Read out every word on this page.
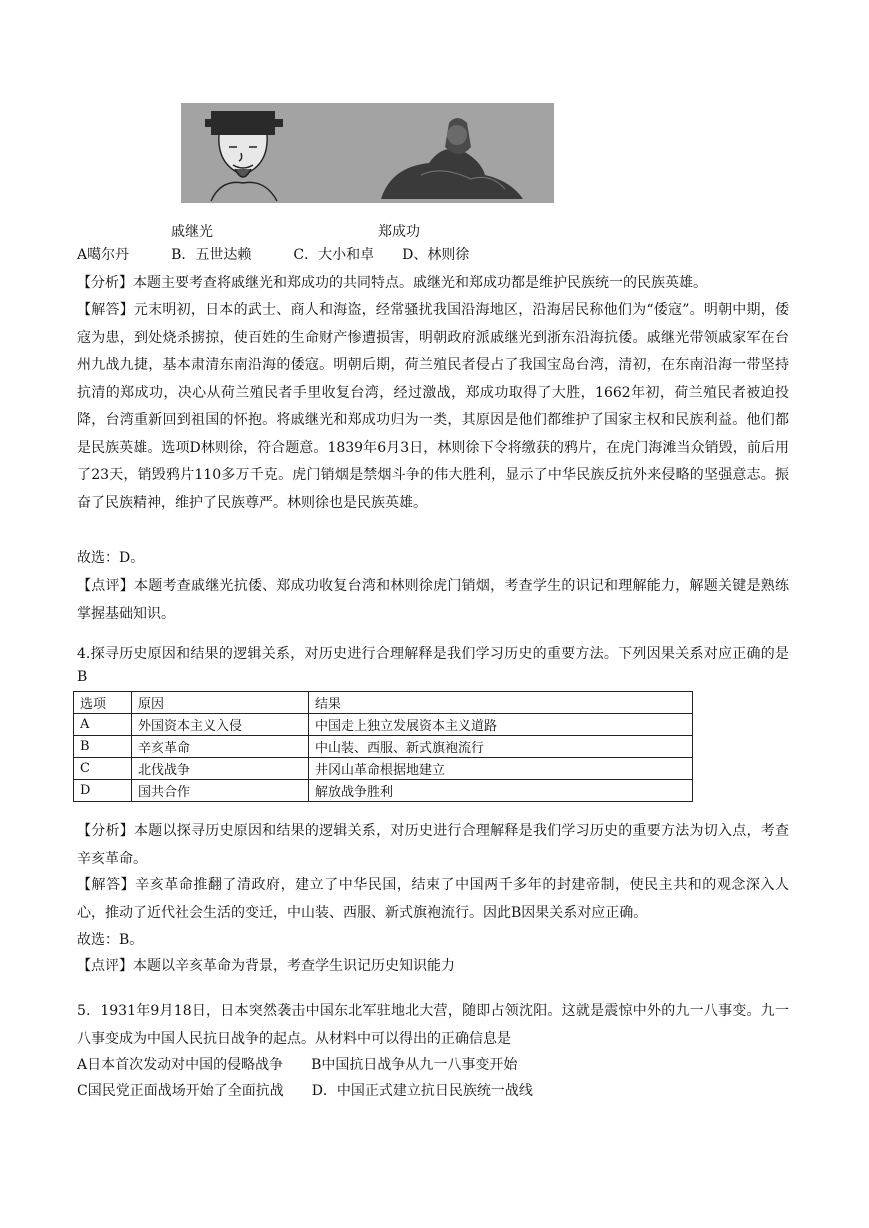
戚继光	郑成功
A噶尔丹　　　B．五世达赖　　　C．大小和卓　　D、林则徐
【分析】本题主要考查将戚继光和郑成功的共同特点。戚继光和郑成功都是维护民族统一的民族英雄。
【解答】元末明初，日本的武士、商人和海盗，经常骚扰我国沿海地区，沿海居民称他们为“倭寇”。明朝中期，倭寇为患，到处烧杀掳掠，使百姓的生命财产惨遭损害，明朝政府派戚继光到浙东沿海抗倭。戚继光带领戚家军在台州九战九捷，基本肃清东南沿海的倭寇。明朝后期，荷兰殖民者侵占了我国宝岛台湾，清初，在东南沿海一带坚持抗清的郑成功，决心从荷兰殖民者手里收复台湾，经过激战，郑成功取得了大胜，1662年初，荷兰殖民者被迫投降，台湾重新回到祖国的怀抱。将戚继光和郑成功归为一类，其原因是他们都维护了国家主权和民族利益。他们都是民族英雄。选项D林则徐，符合题意。1839年6月3日，林则徐下令将缴获的鸦片，在虎门海滩当众销毁，前后用了23天，销毁鸦片110多万千克。虎门销烟是禁烟斗争的伟大胜利，显示了中华民族反抗外来侵略的坚强意志。振奋了民族精神，维护了民族尊严。林则徐也是民族英雄。
故选：D。
【点评】本题考查戚继光抗倭、郑成功收复台湾和林则徐虎门销烟，考查学生的识记和理解能力，解题关键是熟练掌握基础知识。
4.探寻历史原因和结果的逻辑关系，对历史进行合理解释是我们学习历史的重要方法。下列因果关系对应正确的是　B
选项	原因	结果
A	外国资本主义入侵	中国走上独立发展资本主义道路
B	辛亥革命	中山装、西服、新式旗袍流行
C	北伐战争	井冈山革命根据地建立
D	国共合作	解放战争胜利
【分析】本题以探寻历史原因和结果的逻辑关系，对历史进行合理解释是我们学习历史的重要方法为切入点，考查辛亥革命。
【解答】辛亥革命推翻了清政府，建立了中华民国，结束了中国两千多年的封建帝制，使民主共和的观念深入人心，推动了近代社会生活的变迁，中山装、西服、新式旗袍流行。因此B因果关系对应正确。
故选：B。
【点评】本题以辛亥革命为背景，考查学生识记历史知识能力
5．1931年9月18日，日本突然袭击中国东北军驻地北大营，随即占领沈阳。这就是震惊中外的九一八事变。九一八事变成为中国人民抗日战争的起点。从材料中可以得出的正确信息是
A日本首次发动对中国的侵略战争　　B中国抗日战争从九一八事变开始
C国民党正面战场开始了全面抗战　　D．中国正式建立抗日民族统一战线
